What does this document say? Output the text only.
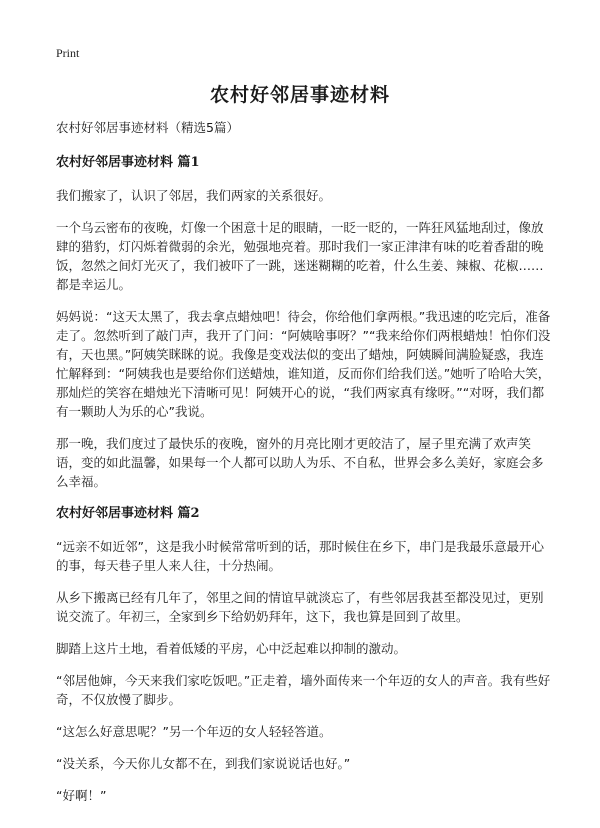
Print
农村好邻居事迹材料

农村好邻居事迹材料（精选5篇）

农村好邻居事迹材料 篇1

我们搬家了，认识了邻居，我们两家的关系很好。

一个乌云密布的夜晚，灯像一个困意十足的眼睛，一眨一眨的，一阵狂风猛地刮过，像放肆的猎豹，灯闪烁着微弱的余光，勉强地亮着。那时我们一家正津津有味的吃着香甜的晚饭，忽然之间灯光灭了，我们被吓了一跳，迷迷糊糊的吃着，什么生姜、辣椒、花椒……都是幸运儿。

妈妈说：“这天太黑了，我去拿点蜡烛吧！待会，你给他们拿两根。”我迅速的吃完后，准备走了。忽然听到了敲门声，我开了门问：“阿姨啥事呀？”“我来给你们两根蜡烛！怕你们没有，天也黑。”阿姨笑眯眯的说。我像是变戏法似的变出了蜡烛，阿姨瞬间满脸疑惑，我连忙解释到：“阿姨我也是要给你们送蜡烛，谁知道，反而你们给我们送。”她听了哈哈大笑，那灿烂的笑容在蜡烛光下清晰可见！阿姨开心的说，“我们两家真有缘呀。”“对呀，我们都有一颗助人为乐的心”我说。

那一晚，我们度过了最快乐的夜晚，窗外的月亮比刚才更皎洁了，屋子里充满了欢声笑语，变的如此温馨，如果每一个人都可以助人为乐、不自私，世界会多么美好，家庭会多么幸福。

农村好邻居事迹材料 篇2

“远亲不如近邻”，这是我小时候常常听到的话，那时候住在乡下，串门是我最乐意最开心的事，每天巷子里人来人往，十分热闹。

从乡下搬离已经有几年了，邻里之间的情谊早就淡忘了，有些邻居我甚至都没见过，更别说交流了。年初三，全家到乡下给奶奶拜年，这下，我也算是回到了故里。

脚踏上这片土地，看着低矮的平房，心中泛起难以抑制的激动。

“邻居他婶，今天来我们家吃饭吧。”正走着，墙外面传来一个年迈的女人的声音。我有些好奇，不仅放慢了脚步。

“这怎么好意思呢？”另一个年迈的女人轻轻答道。

“没关系，今天你儿女都不在，到我们家说说话也好。”

“好啊！”
